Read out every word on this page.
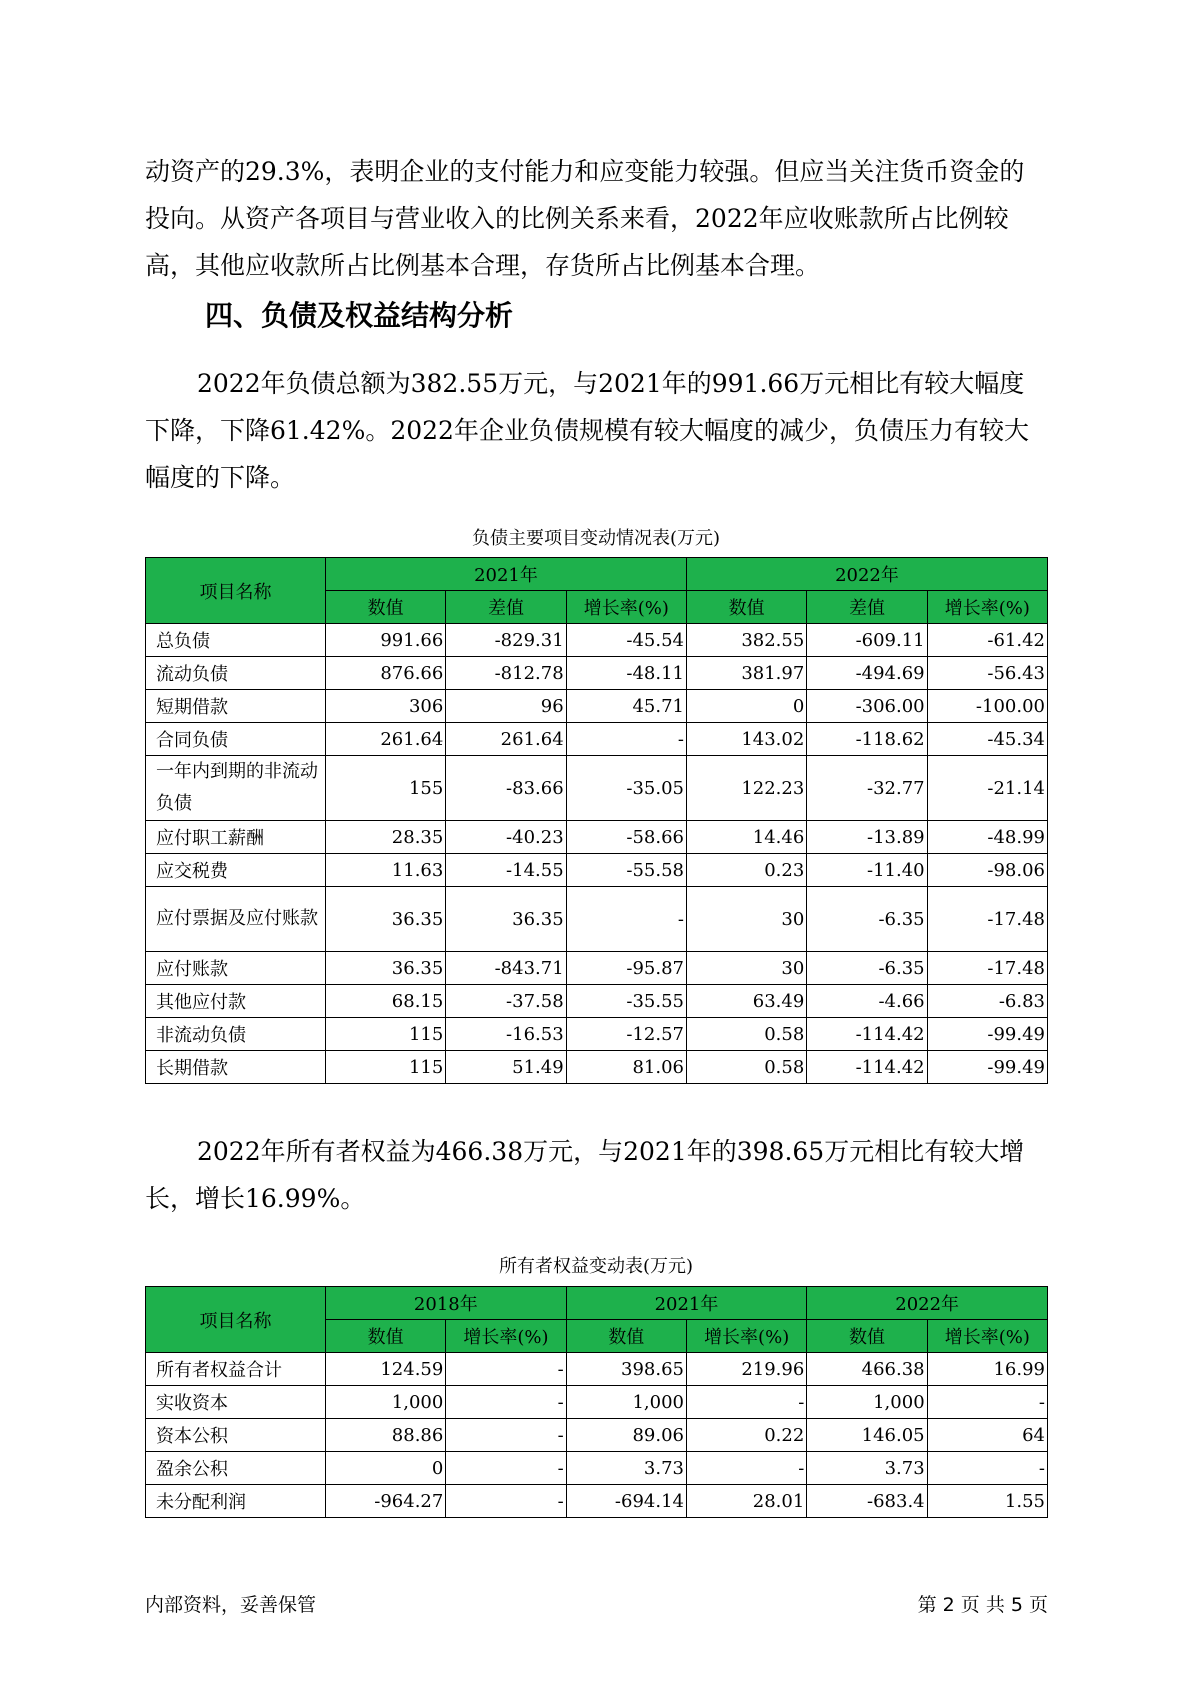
动资产的29.3%，表明企业的支付能力和应变能力较强。但应当关注货币资金的投向。从资产各项目与营业收入的比例关系来看，2022年应收账款所占比例较高，其他应收款所占比例基本合理，存货所占比例基本合理。

四、负债及权益结构分析

2022年负债总额为382.55万元，与2021年的991.66万元相比有较大幅度下降，下降61.42%。2022年企业负债规模有较大幅度的减少，负债压力有较大幅度的下降。

负债主要项目变动情况表(万元)
项目名称	2021年			2022年		
	数值	差值	增长率(%)	数值	差值	增长率(%)
总负债	991.66	-829.31	-45.54	382.55	-609.11	-61.42
流动负债	876.66	-812.78	-48.11	381.97	-494.69	-56.43
短期借款	306	96	45.71	0	-306.00	-100.00
合同负债	261.64	261.64	-	143.02	-118.62	-45.34
一年内到期的非流动负债	155	-83.66	-35.05	122.23	-32.77	-21.14
应付职工薪酬	28.35	-40.23	-58.66	14.46	-13.89	-48.99
应交税费	11.63	-14.55	-55.58	0.23	-11.40	-98.06
应付票据及应付账款	36.35	36.35	-	30	-6.35	-17.48
应付账款	36.35	-843.71	-95.87	30	-6.35	-17.48
其他应付款	68.15	-37.58	-35.55	63.49	-4.66	-6.83
非流动负债	115	-16.53	-12.57	0.58	-114.42	-99.49
长期借款	115	51.49	81.06	0.58	-114.42	-99.49

2022年所有者权益为466.38万元，与2021年的398.65万元相比有较大增长，增长16.99%。

所有者权益变动表(万元)
项目名称	2018年		2021年		2022年	
	数值	增长率(%)	数值	增长率(%)	数值	增长率(%)
所有者权益合计	124.59	-	398.65	219.96	466.38	16.99
实收资本	1,000	-	1,000	-	1,000	-
资本公积	88.86	-	89.06	0.22	146.05	64
盈余公积	0	-	3.73	-	3.73	-
未分配利润	-964.27	-	-694.14	28.01	-683.4	1.55
内部资料，妥善保管	第 2 页 共 5 页
